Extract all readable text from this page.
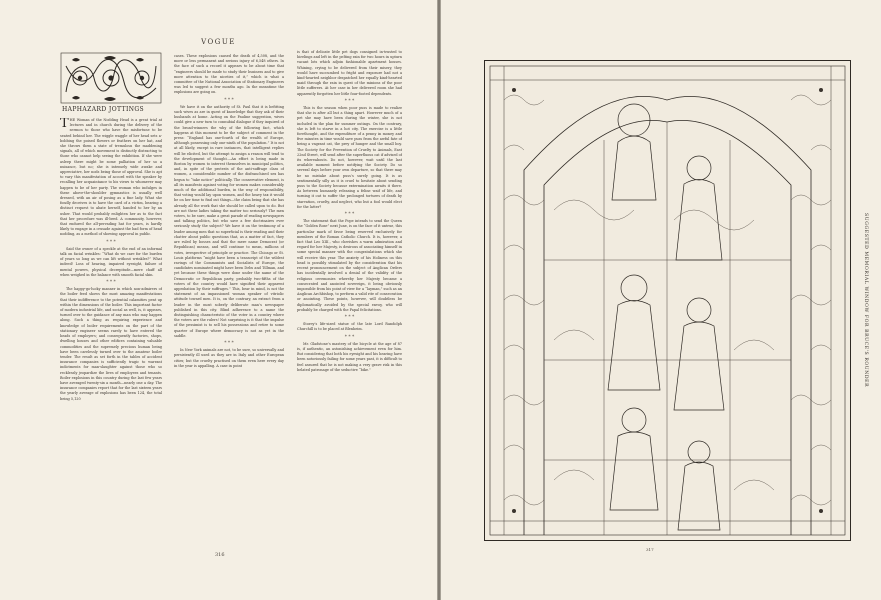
VOGUE
HAPHAZARD JOTTINGS

THE Woman of the Nodding Head is a great trial at lectures and in church during the delivery of the sermon to those who have the misfortune to be seated behind her. The wiggle waggle of her head sets a-bobbing the poised flowers or feathers on her hat, and she throws them a state of tremulous the maddening signals, all of which movement is distinctly distracting to those who cannot help seeing the exhibition. If she were asleep there might be some palliation of her so a nuisance, but no; she is intensely wide awake and appreciative, her nods being those of approval. She is apt to vary this manifestation of accord with the speaker by recalling her acquaintance to his views to whomever may happen to be of her party. The woman who indulges in these above-the-shoulder gymnastics is usually well dressed, with an air of posing as a fine lady. What she fondly deceives is to have the card of a victim, bearing a distinct request to abate herself, handed to her by an usher. That would probably enlighten her as to the fact that her procedure was ill-bred. A community, however, that endured the all-pervading hat for years, is hardly likely to engage in a crusade against the bad form of head nodding, as a method of showing approval in public.

* * *

Said the owner of a speckle at the end of an informal talk on facial wrinkles: “What do we care for the burden of years so long as we can lift without wrinkles?” What indeed! Loss of hearing, impaired eyesight, failure of mental powers, physical decrepitude—mere chaff all when weighed in the balance with smooth facial skin.

* * *

The happy-go-lucky manner in which non-admirers of the boiler feed shows the most amazing manifestations that their indifference to the potential calamities pent up within the dimensions of the boiler. This important factor of modern industrial life, and social as well, is, it appears, turned over to the guidance of any man who may happen along. Such a thing as requiring experience and knowledge of boiler requirements on the part of the stationary engineer seems rarely to have entered the heads of employers; and consequently factories, shops, dwelling houses and other edifices containing valuable commodities and the supremely precious human being have been carelessly turned over to the amateur boiler tender. The result as set forth in the tables of accident insurance companies is sufficiently tragic to warrant indictments for man-slaughter against those who so recklessly jeopardize the lives of employees and tenants. Boiler explosions in this country during the last few years have averaged twenty-six a month—nearly one a day. The insurance companies report that for the last sixteen years the yearly average of explosions has been 124, the total being 5,120

cases. These explosions caused the death of 4,508, and the more or less permanent and serious injury of 6,548 others. In the face of such a record it appears to be about time that “engineers should be made to study their business and to give more attention to the niceties of it,” which is what a committee of the National Association of Stationary Engineers was led to suggest a few months ago. In the meantime the explosions are going on.

* * *

We have it on the authority of St. Paul that it is befitting such wives as are in quest of knowledge that they ask of their husbands at home. Acting on the Pauline suggestion, wives could give a new turn to connubial dialogue if they inquired of the broad-winners the why of the following fact, which happens at this moment to be the subject of comment in the press: “England has one-fourth of the wealth of Europe, although possessing only one-ninth of the population.” It is not at all likely, except in rare instances, that intelligent replies will be elicited, but the attempt to assign a reason will tend to the development of thought.—An effort is being made in Boston by women to interest themselves in municipal politics, and, in spite of the protests of the anti-suffrage class of women, a considerable number of the disfranchised sex has begun to “take notice” politically. The conservative element, is all its manifesto against voting for women makes considerably much of the additional burden, in the way of responsibility, that voting would lay upon women, and the heavy tax it would be on her time to find out things—the claim being that she has already all the work that she should be called upon to do. But are not these ladies taking the matter too seriously? The men voters, to be sure, make a great parade of reading newspapers and talking politics, but who save a few doctrinaires ever seriously study the subject? We have it on the testimony of a leader among men that so superficial is their reading and their chatter about public questions that, as a matter of fact, they are ruled by bosses and that the mere name Democrat (or Republican) means, and will continue to mean, millions of votes, irrespective of principle or practice. The Chicago or St. Louis platforms “might have been a transcript of the wildest ravings of the Communists and Socialists of Europe, the candidates nominated might have been Debs and Tillman, and yet because these things were done under the name of the Democratic or Republican party, probably two-fifths of the voters of the country would have signified their apparent approbation by their suffrages.” This, bear in mind, is not the statement of an impassioned woman speaker of vitriolic attitude toward men. It is, on the contrary, an extract from a leader in the most soberly deliberate man’s newspaper published in this city. Blind adherence to a name the distinguishing characteristic of the voter in a country where the voters are the rulers! Not surprising is it that the impulse of the pessimist is to sell his possessions and retire to some quarter of Europe where democracy is not as yet in the saddle.

* * *

In New York animals are not, to be sure, so universally and persistently ill used as they are in Italy and other European cities; but the cruelty practised on them even here every day in the year is appalling. A case in point

is that of delicate little pet dogs consigned in-trusted to hirelings and left in the pelting rain for two hours in upturn vacant lots which adjoin fashionable apartment houses. Whining, crying to be delivered from their misery, they would have succumbed to fright and exposure had not a kind-hearted neighbor despatched her equally kind-hearted maid through the rain in quest of the minions of the poor little sufferers. At her case in her delivered room she had apparently forgotten her little four-footed dependents.

* * *

This is the season when poor puss is made to realize that she is after all but a thing apart. However much of a pet she may have been during the winter, she is not included in the plan for summer outings. On the contrary, she is left to starve in a hot city. The exercise is a little forethought, and the expenditure of a penny in money and five minutes in time would save puss from the awful fate of being a vagrant cat, the prey of hunger and the small boy. The Society for the Prevention of Cruelty to Animals, East 22nd Street, will send after the superfluous cat if advised of its whereabouts. Do not, however, wait until the last available moment before notifying the Society. Do so several days before your own departure, so that there may be no mistake about puss’s surely going. It is as sentimentally silly as it is cruel to hesitate about sending puss to the Society because extermination awaits it there. As between humanely releasing a feline waif of life, and turning it out to suffer the prolonged tortures of death by starvation, cruelty, and neglect, who but a fool would elect for the latter?

* * *

The statement that the Pope intends to send the Queen the “Golden Rose” next June, is on the face of it untrue, this particular mark of favor being reserved exclusively for members of the Roman Catholic Church. It is, however, a fact that Leo XIII., who cherishes a warm admiration and regard for her Majesty, is desirous of associating himself in some special manner with the congratulations which she will receive this year. The anxiety of his Holiness on this head is possibly stimulated by the consideration that his recent pronouncement on the subject of Anglican Orders has incidentally involved a denial of the validity of the religious ceremonies whereby her Majesty became a consecrated and anointed sovereign, it being obviously impossible from his point of view for a “layman,” such as an Anglican Archbishop, to perform a valid rite of consecration or anointing. These points, however, will doubtless be diplomatically avoided by the special envoy, who will probably be charged with the Papal felicitations.

* * *

Storey’s life-sized statue of the late Lord Randolph Churchill is to be placed at Blenheim.

* * *

Mr. Gladstone’s mastery of the bicycle at the age of 87 is, if authentic, an astonishing achievement even for him. But considering that both his eyesight and his hearing have been notoriously failing for some years past, it is difficult to feel assured that he is not making a very grave risk in this belated patronage of the seductive “bike.”

316
317
SUGGESTED MEMORIAL WINDOW FOR BRUCE'S ROUNDER
